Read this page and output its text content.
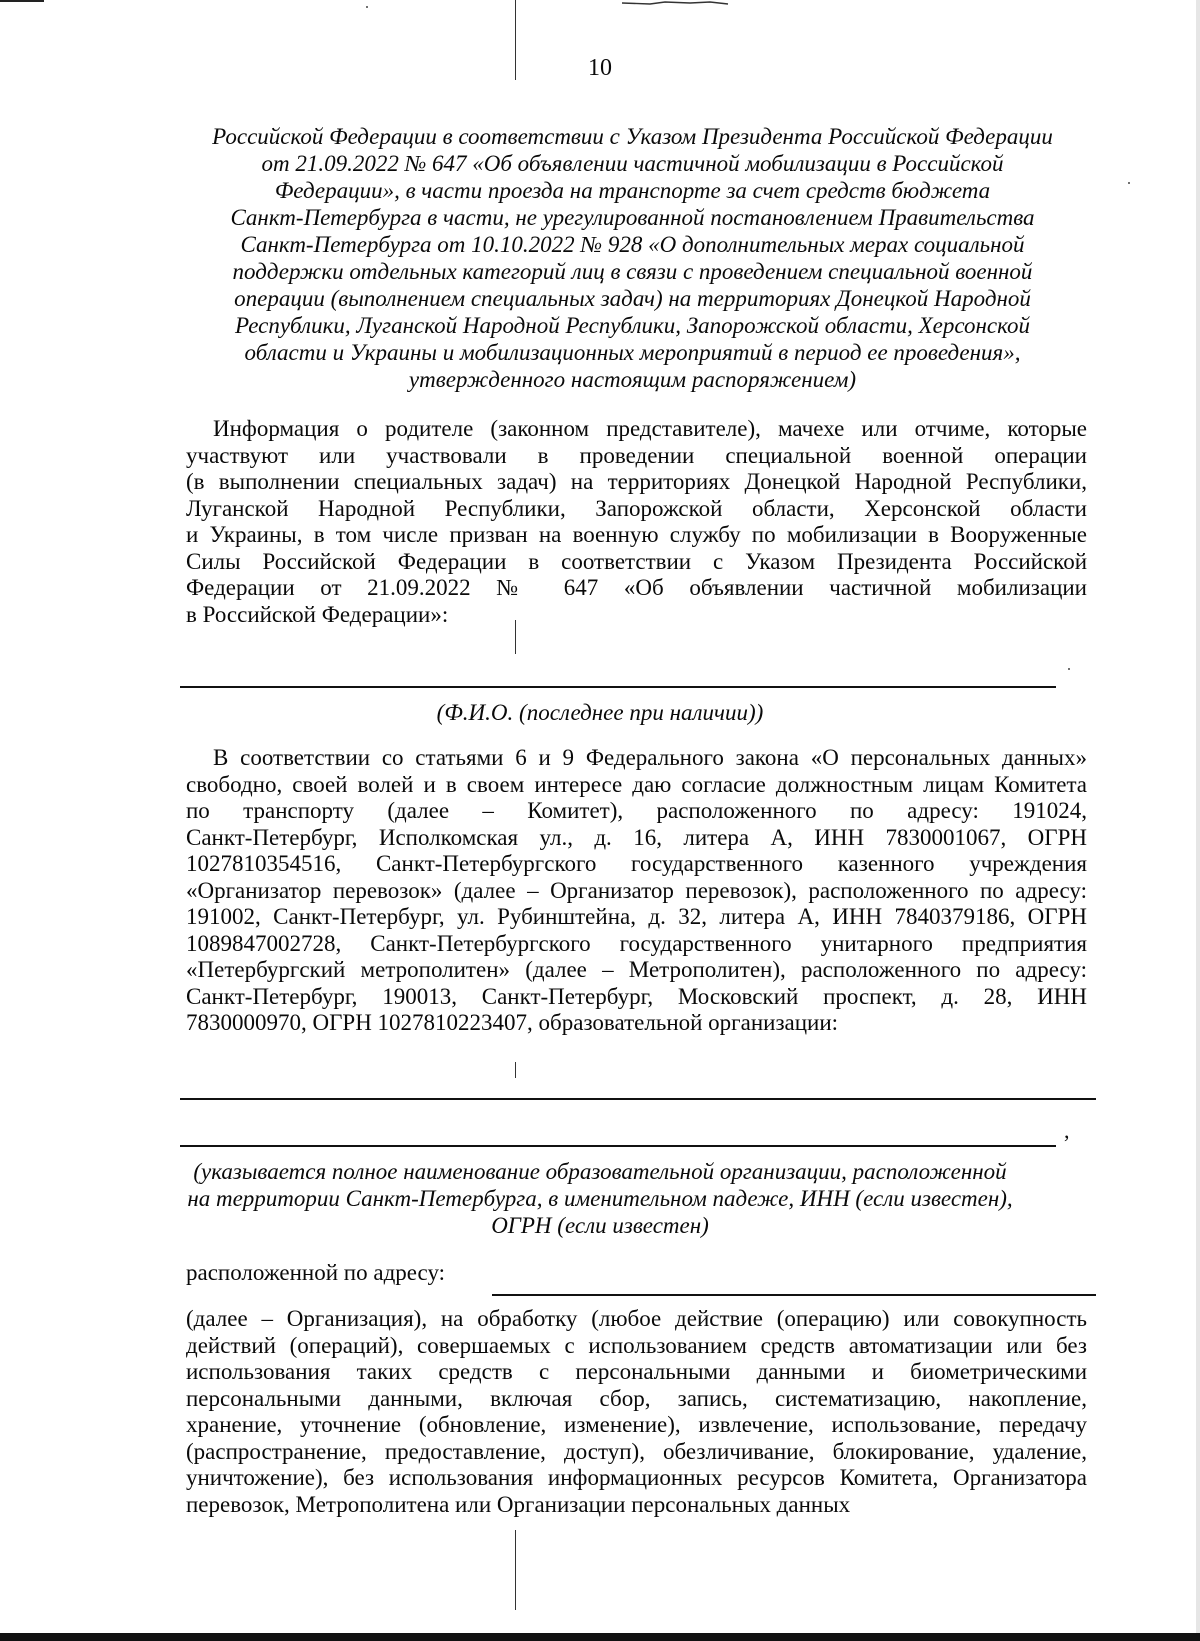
10
Российской Федерации в соответствии с Указом Президента Российской Федерации
от 21.09.2022 № 647 «Об объявлении частичной мобилизации в Российской
Федерации», в части проезда на транспорте за счет средств бюджета
Санкт-Петербурга в части, не урегулированной постановлением Правительства
Санкт-Петербурга от 10.10.2022 № 928 «О дополнительных мерах социальной
поддержки отдельных категорий лиц в связи с проведением специальной военной
операции (выполнением специальных задач) на территориях Донецкой Народной
Республики, Луганской Народной Республики, Запорожской области, Херсонской
области и Украины и мобилизационных мероприятий в период ее проведения»,
утвержденного настоящим распоряжением)
Информация о родителе (законном представителе), мачехе или отчиме, которые
участвуют или участвовали в проведении специальной военной операции
(в выполнении специальных задач) на территориях Донецкой Народной Республики,
Луганской Народной Республики, Запорожской области, Херсонской области
и Украины, в том числе призван на военную службу по мобилизации в Вооруженные
Силы Российской Федерации в соответствии с Указом Президента Российской
Федерации от 21.09.2022 № 647 «Об объявлении частичной мобилизации
в Российской Федерации»:
(Ф.И.О. (последнее при наличии))
В соответствии со статьями 6 и 9 Федерального закона «О персональных данных»
свободно, своей волей и в своем интересе даю согласие должностным лицам Комитета
по транспорту (далее – Комитет), расположенного по адресу: 191024,
Санкт-Петербург, Исполкомская ул., д. 16, литера А, ИНН 7830001067, ОГРН
1027810354516, Санкт-Петербургского государственного казенного учреждения
«Организатор перевозок» (далее – Организатор перевозок), расположенного по адресу:
191002, Санкт-Петербург, ул. Рубинштейна, д. 32, литера А, ИНН 7840379186, ОГРН
1089847002728, Санкт-Петербургского государственного унитарного предприятия
«Петербургский метрополитен» (далее – Метрополитен), расположенного по адресу:
Санкт-Петербург, 190013, Санкт-Петербург, Московский проспект, д. 28, ИНН
7830000970, ОГРН 1027810223407, образовательной организации:
,
(указывается полное наименование образовательной организации, расположенной
на территории Санкт-Петербурга, в именительном падеже, ИНН (если известен),
ОГРН (если известен)
расположенной по адресу:
(далее – Организация), на обработку (любое действие (операцию) или совокупность
действий (операций), совершаемых с использованием средств автоматизации или без
использования таких средств с персональными данными и биометрическими
персональными данными, включая сбор, запись, систематизацию, накопление,
хранение, уточнение (обновление, изменение), извлечение, использование, передачу
(распространение, предоставление, доступ), обезличивание, блокирование, удаление,
уничтожение), без использования информационных ресурсов Комитета, Организатора
перевозок, Метрополитена или Организации персональных данных
